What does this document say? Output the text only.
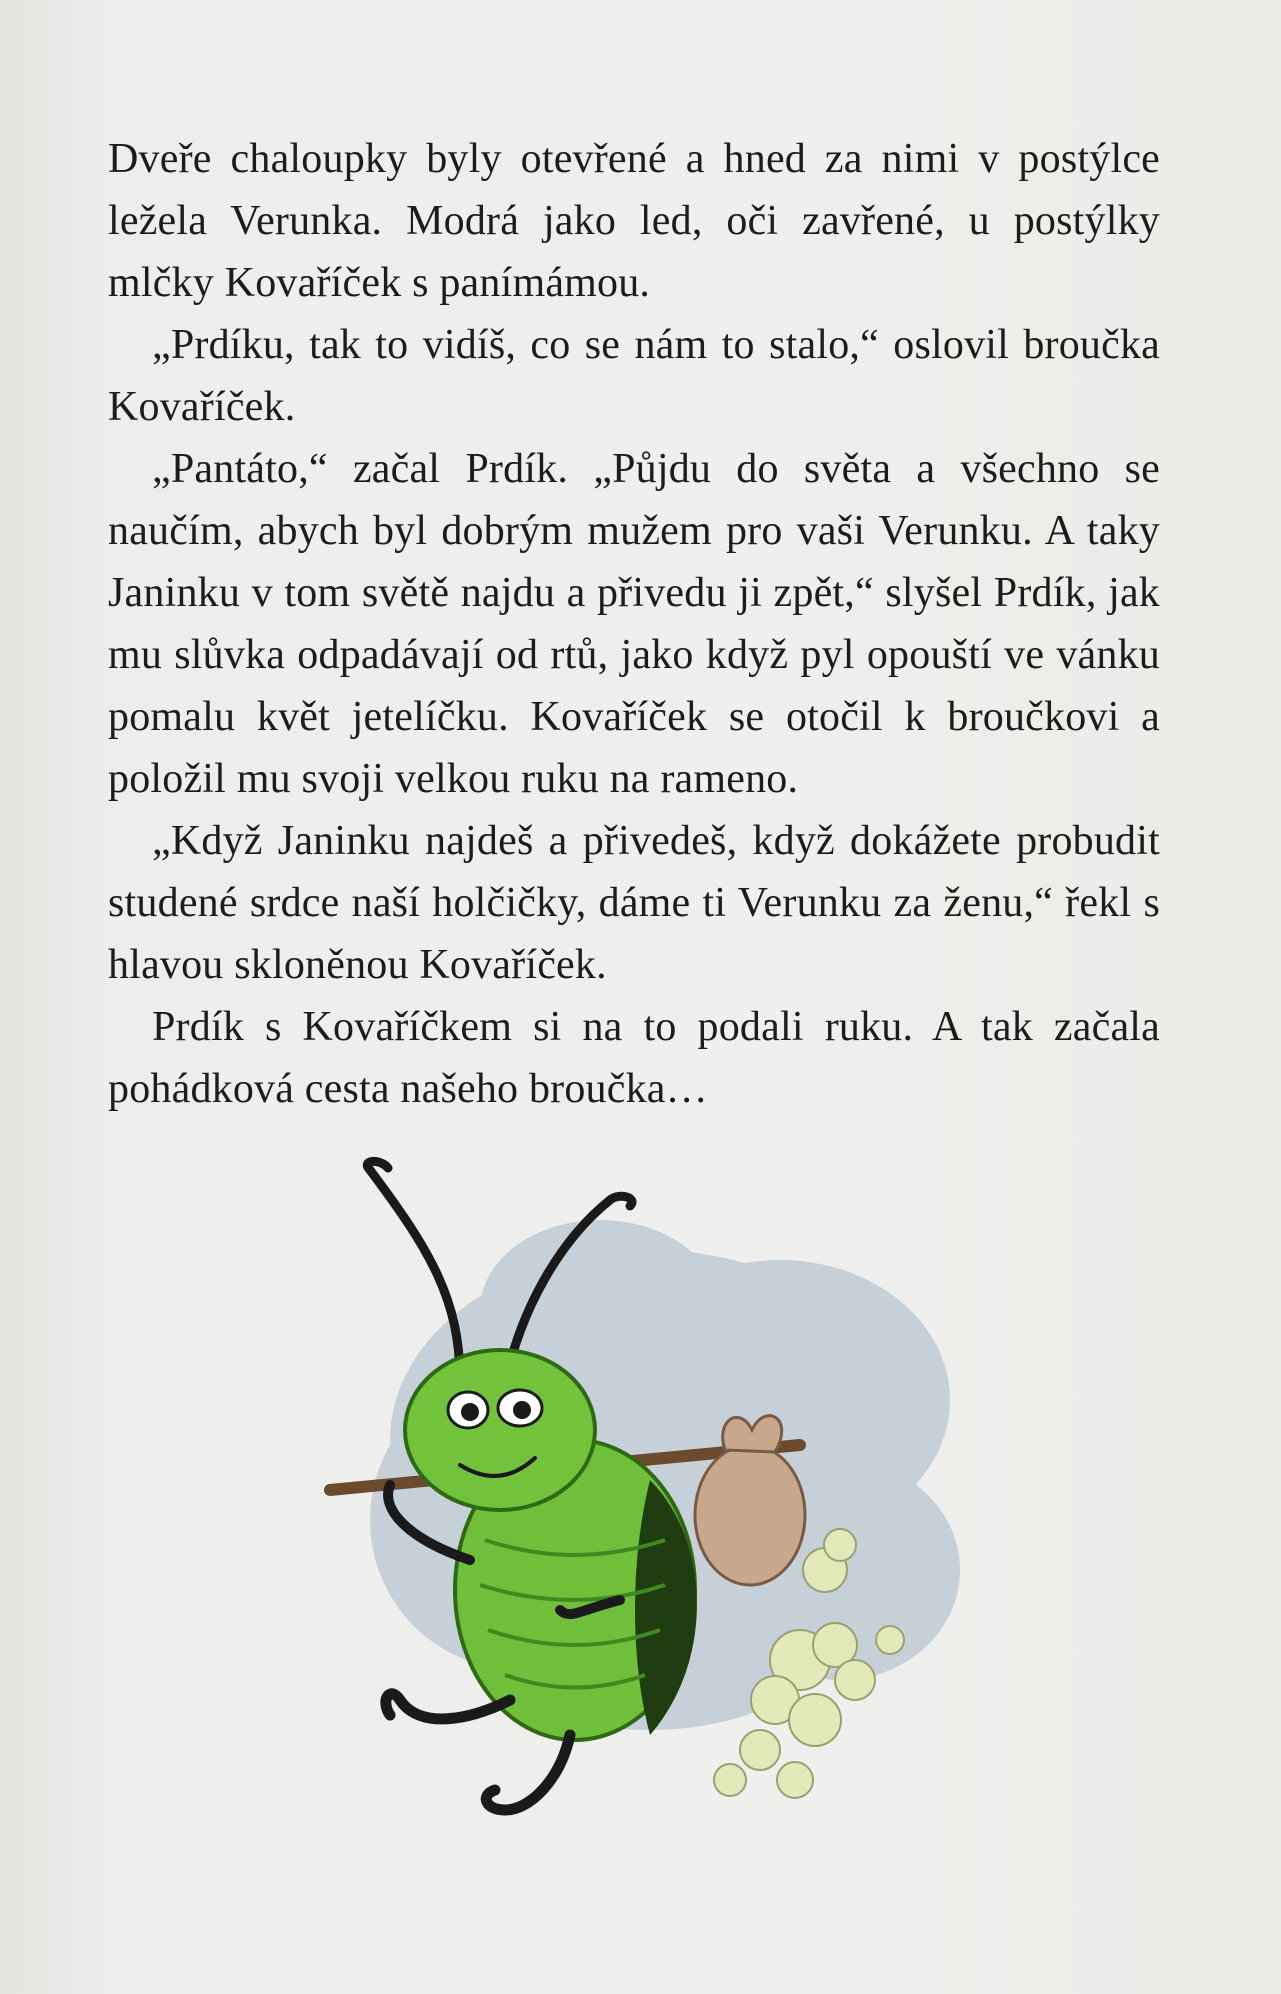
Dveře chaloupky byly otevřené a hned za nimi v postýlce ležela Verunka. Modrá jako led, oči zavřené, u postýlky mlčky Kovaříček s panímámou.

„Prdíku, tak to vidíš, co se nám to stalo,“ oslovil broučka Kovaříček.

„Pantáto,“ začal Prdík. „Půjdu do světa a všechno se naučím, abych byl dobrým mužem pro vaši Verunku. A taky Janinku v tom světě najdu a přivedu ji zpět,“ slyšel Prdík, jak mu slůvka odpadávají od rtů, jako když pyl opouští ve vánku pomalu květ jetelíčku. Kovaříček se otočil k broučkovi a položil mu svoji velkou ruku na rameno.

„Když Janinku najdeš a přivedeš, když dokážete probudit studené srdce naší holčičky, dáme ti Verunku za ženu,“ řekl s hlavou skloněnou Kovaříček.

Prdík s Kovaříčkem si na to podali ruku. A tak začala pohádková cesta našeho broučka…
